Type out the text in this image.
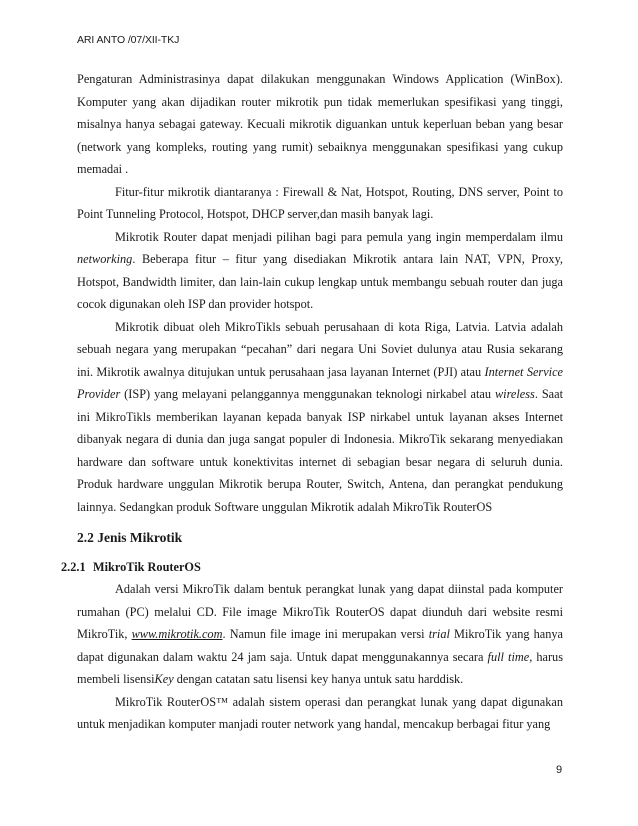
ARI ANTO /07/XII-TKJ

Pengaturan Administrasinya dapat dilakukan menggunakan Windows Application (WinBox). Komputer yang akan dijadikan router mikrotik pun tidak memerlukan spesifikasi yang tinggi, misalnya hanya sebagai gateway. Kecuali mikrotik diguankan untuk keperluan beban yang besar (network yang kompleks, routing yang rumit) sebaiknya menggunakan spesifikasi yang cukup memadai .

Fitur-fitur mikrotik diantaranya : Firewall & Nat, Hotspot, Routing, DNS server, Point to Point Tunneling Protocol, Hotspot, DHCP server,dan masih banyak lagi.

Mikrotik Router dapat menjadi pilihan bagi para pemula yang ingin memperdalam ilmu networking. Beberapa fitur – fitur yang disediakan Mikrotik antara lain NAT, VPN, Proxy, Hotspot, Bandwidth limiter, dan lain-lain cukup lengkap untuk membangu sebuah router dan juga cocok digunakan oleh ISP dan provider hotspot.

Mikrotik dibuat oleh MikroTikls sebuah perusahaan di kota Riga, Latvia. Latvia adalah sebuah negara yang merupakan “pecahan” dari negara Uni Soviet dulunya atau Rusia sekarang ini. Mikrotik awalnya ditujukan untuk perusahaan jasa layanan Internet (PJI) atau Internet Service Provider (ISP) yang melayani pelanggannya menggunakan teknologi nirkabel atau wireless. Saat ini MikroTikls memberikan layanan kepada banyak ISP nirkabel untuk layanan akses Internet dibanyak negara di dunia dan juga sangat populer di Indonesia. MikroTik sekarang menyediakan hardware dan software untuk konektivitas internet di sebagian besar negara di seluruh dunia. Produk hardware unggulan Mikrotik berupa Router, Switch, Antena, dan perangkat pendukung lainnya. Sedangkan produk Software unggulan Mikrotik adalah MikroTik RouterOS

2.2 Jenis Mikrotik
2.2.1 MikroTik RouterOS

Adalah versi MikroTik dalam bentuk perangkat lunak yang dapat diinstal pada komputer rumahan (PC) melalui CD. File image MikroTik RouterOS dapat diunduh dari website resmi MikroTik, www.mikrotik.com. Namun file image ini merupakan versi trial MikroTik yang hanya dapat digunakan dalam waktu 24 jam saja. Untuk dapat menggunakannya secara full time, harus membeli lisensiKey dengan catatan satu lisensi key hanya untuk satu harddisk.

MikroTik RouterOS™ adalah sistem operasi dan perangkat lunak yang dapat digunakan untuk menjadikan komputer manjadi router network yang handal, mencakup berbagai fitur yang

9
